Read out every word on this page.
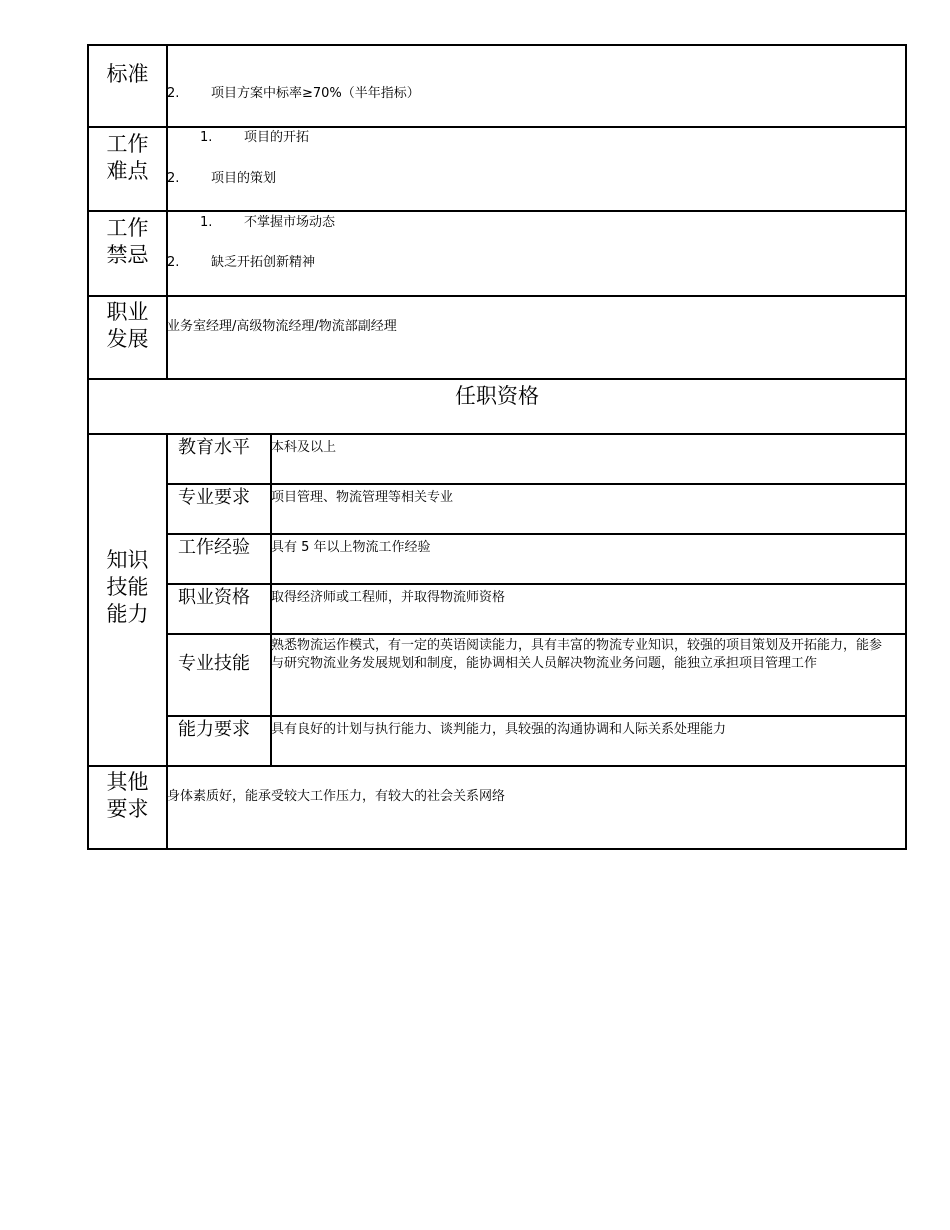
标准
2. 项目方案中标率≥70%（半年指标）
工作
难点
1. 项目的开拓
2. 项目的策划
工作
禁忌
1. 不掌握市场动态
2. 缺乏开拓创新精神
职业
发展
业务室经理/高级物流经理/物流部副经理
任职资格
知识
技能
能力
教育水平 本科及以上
专业要求 项目管理、物流管理等相关专业
工作经验 具有 5 年以上物流工作经验
职业资格 取得经济师或工程师，并取得物流师资格
专业技能
熟悉物流运作模式，有一定的英语阅读能力，具有丰富的物流专业知识，较强的项目策划及开拓能力，能参与研究物流业务发展规划和制度，能协调相关人员解决物流业务问题，能独立承担项目管理工作
能力要求 具有良好的计划与执行能力、谈判能力，具较强的沟通协调和人际关系处理能力
其他
要求
身体素质好，能承受较大工作压力，有较大的社会关系网络
